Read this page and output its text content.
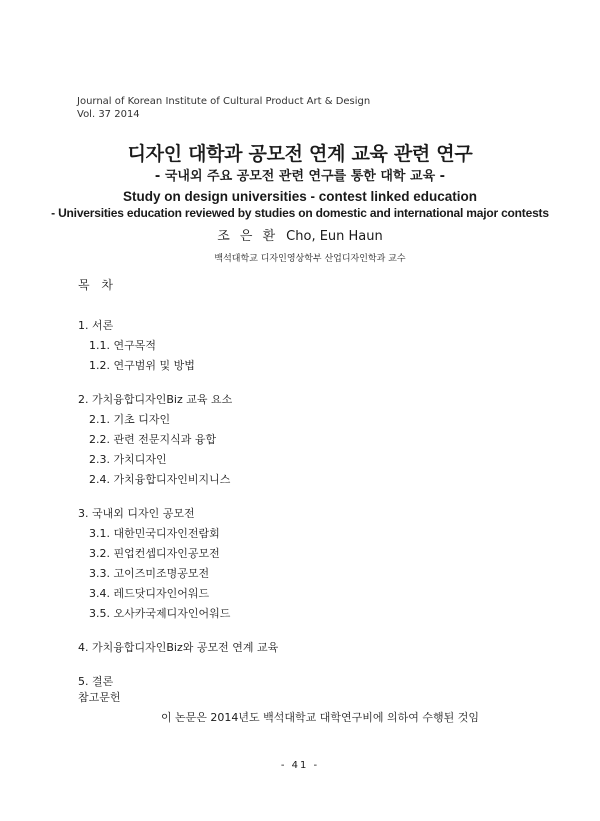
Journal of Korean Institute of Cultural Product Art & Design
Vol. 37 2014
디자인 대학과 공모전 연계 교육 관련 연구
- 국내외 주요 공모전 관련 연구를 통한 대학 교육 -
Study on design universities - contest linked education
- Universities education reviewed by studies on domestic and international major contests
조 은 환 Cho, Eun Haun
백석대학교 디자인영상학부 산업디자인학과 교수
목 차
1. 서론
1.1. 연구목적
1.2. 연구범위 및 방법
2. 가치융합디자인Biz 교육 요소
2.1. 기초 디자인
2.2. 관련 전문지식과 융합
2.3. 가치디자인
2.4. 가치융합디자인비지니스
3. 국내외 디자인 공모전
3.1. 대한민국디자인전람회
3.2. 핀업컨셉디자인공모전
3.3. 고이즈미조명공모전
3.4. 레드닷디자인어워드
3.5. 오사카국제디자인어워드
4. 가치융합디자인Biz와 공모전 연계 교육
5. 결론
참고문헌
이 논문은 2014년도 백석대학교 대학연구비에 의하여 수행된 것임
- 41 -
